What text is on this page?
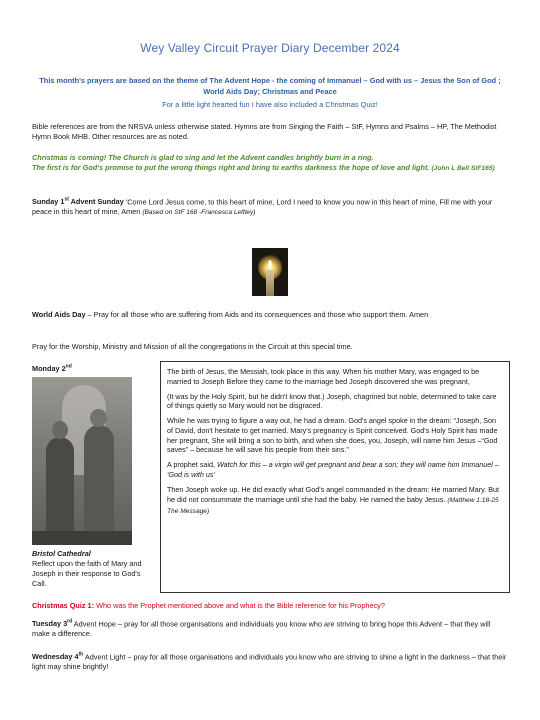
Wey Valley Circuit Prayer Diary December 2024
This month's prayers are based on the theme of The Advent Hope - the coming of Immanuel – God with us – Jesus the Son of God ; World Aids Day; Christmas and Peace
For a little light hearted fun I have also included a Christmas Quiz!
Bible references are from the NRSVA unless otherwise stated. Hymns are from Singing the Faith – StF, Hymns and Psalms – HP, The Methodist Hymn Book MHB. Other resources are as noted.
Christmas is coming! The Church is glad to sing and let the Advent candles brightly burn in a ring.
The first is for God's promise to put the wrong things right and bring to earths darkness the hope of love and light. (John L Bell StF165)
Sunday 1st Advent Sunday 'Come Lord Jesus come, to this heart of mine, Lord I need to know you now in this heart of mine, Fill me with your peace in this heart of mine, Amen (Based on StF 168 -Francesca Leftley)
World Aids Day – Pray for all those who are suffering from Aids and its consequences and those who support them. Amen
Pray for the Worship, Ministry and Mission of all the congregations in the Circuit at this special time.
Monday 2nd
Bristol Cathedral
Reflect upon the faith of Mary and Joseph in their response to God's Call.

The birth of Jesus, the Messiah, took place in this way. When his mother Mary, was engaged to be married to Joseph Before they came to the marriage bed Joseph discovered she was pregnant,

(It was by the Holy Spirit, but he didn't know that.) Joseph, chagrined but noble, determined to take care of things quietly so Mary would not be disgraced.

While he was trying to figure a way out, he had a dream. God's angel spoke in the dream: “Joseph, Son of David, don't hesitate to get married. Mary's pregnancy is Spirit conceived. God's Holy Spirit has made her pregnant, She will bring a son to birth, and when she does, you, Joseph, will name him Jesus –“God saves” – because he will save his people from their sins.”

A prophet said, Watch for this – a virgin will get pregnant and bear a son; they will name him Immanuel – 'God is with us'

Then Joseph woke up. He did exactly what God's angel commanded in the dream: He married Mary. But he did not consummate the marriage until she had the baby. He named the baby Jesus. (Matthew 1:18-25 The Message)

Christmas Quiz 1: Who was the Prophet mentioned above and what is the Bible reference for his Prophecy?
Tuesday 3rd Advent Hope – pray for all those organisations and individuals you know who are striving to bring hope this Advent – that they will make a difference.
Wednesday 4th Advent Light – pray for all those organisations and individuals you know who are striving to shine a light in the darkness – that their light may shine brightly!
